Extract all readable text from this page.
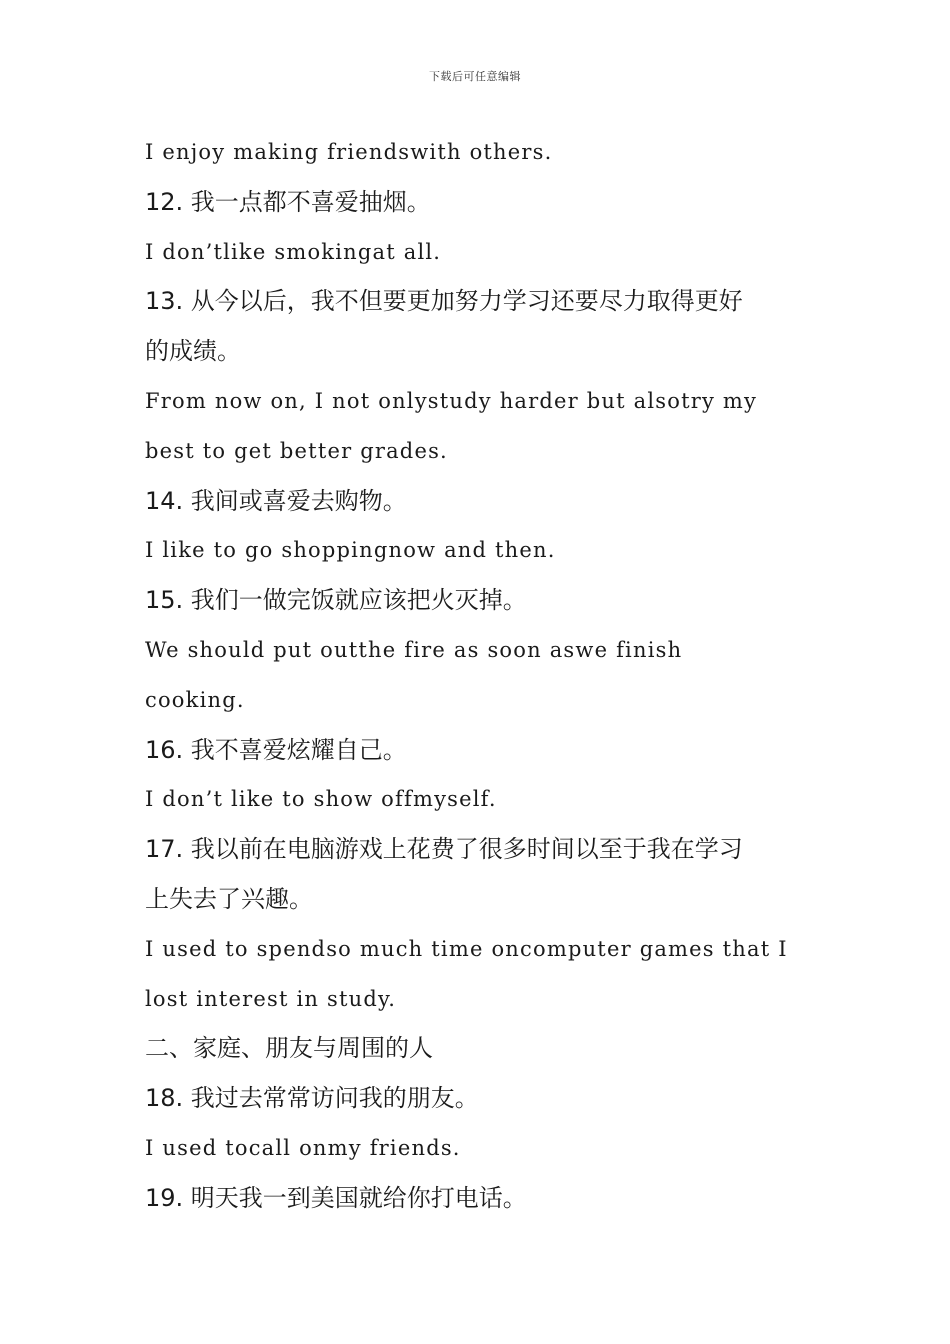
下载后可任意编辑
I enjoy making friendswith others.
12. 我一点都不喜爱抽烟。
I don’tlike smokingat all.
13. 从今以后，我不但要更加努力学习还要尽力取得更好
的成绩。
From now on, I not onlystudy harder but alsotry my
best to get better grades.
14. 我间或喜爱去购物。
I like to go shoppingnow and then.
15. 我们一做完饭就应该把火灭掉。
We should put outthe fire as soon aswe finish
cooking.
16. 我不喜爱炫耀自己。
I don’t like to show offmyself.
17. 我以前在电脑游戏上花费了很多时间以至于我在学习
上失去了兴趣。
I used to spendso much time oncomputer games that I
lost interest in study.
二、家庭、朋友与周围的人
18. 我过去常常访问我的朋友。
I used tocall onmy friends.
19. 明天我一到美国就给你打电话。
